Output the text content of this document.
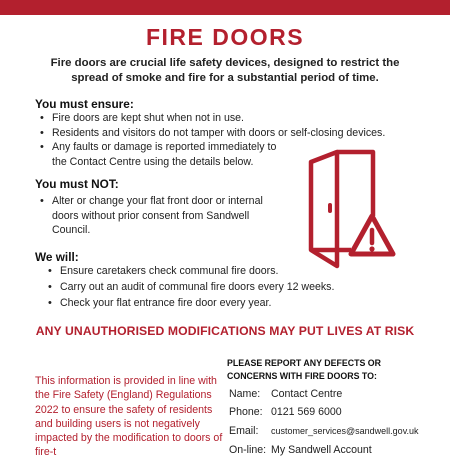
FIRE DOORS
Fire doors are crucial life safety devices, designed to restrict the spread of smoke and fire for a substantial period of time.
You must ensure:
• Fire doors are kept shut when not in use.
• Residents and visitors do not tamper with doors or self-closing devices.
• Any faults or damage is reported immediately to the Contact Centre using the details below.
You must NOT:
• Alter or change your flat front door or internal doors without prior consent from Sandwell Council.
We will:
• Ensure caretakers check communal fire doors.
• Carry out an audit of communal fire doors every 12 weeks.
• Check your flat entrance fire door every year.
ANY UNAUTHORISED MODIFICATIONS MAY PUT LIVES AT RISK
This information is provided in line with the Fire Safety (England) Regulations 2022 to ensure the safety of residents and building users is not negatively impacted by the modification to doors of fire-t
PLEASE REPORT ANY DEFECTS OR CONCERNS WITH FIRE DOORS TO:
Name: Contact Centre
Phone: 0121 569 6000
Email: customer_services@sandwell.gov.uk
On-line: My Sandwell Account
